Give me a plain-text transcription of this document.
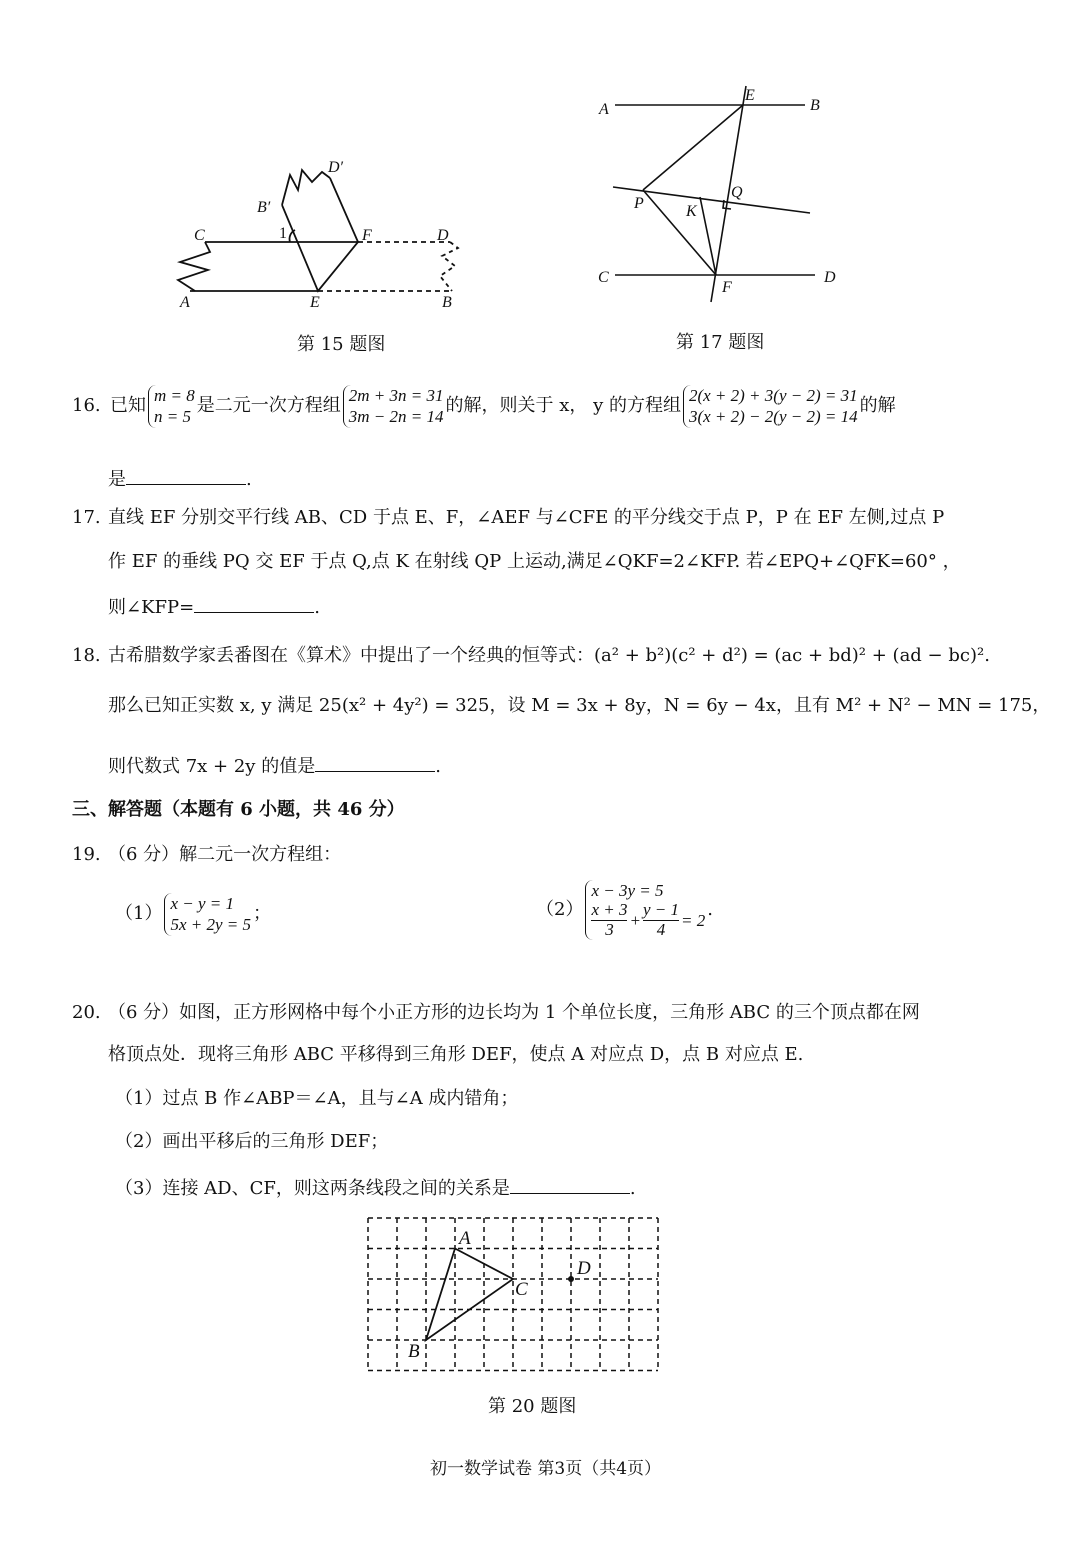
C	D
A	E	B
F
B′
D′
1
第 15 题图
A	B
E
C	D
F
P
Q
K
第 17 题图
16. 已知 m = 8
n = 5
是二元一次方程组 2m + 3n = 31
3m − 2n = 14
的解，则关于 x， y 的方程组 2(x + 2) + 3(y − 2) = 31
3(x + 2) − 2(y − 2) = 14
的解
是	.
17. 直线 EF 分别交平行线 AB、CD 于点 E、F，∠AEF 与∠CFE 的平分线交于点 P，P 在 EF 左侧,过点 P
作 EF 的垂线 PQ 交 EF 于点 Q,点 K 在射线 QP 上运动,满足∠QKF=2∠KFP. 若∠EPQ+∠QFK=60° ，
则∠KFP=	.
18. 古希腊数学家丢番图在《算术》中提出了一个经典的恒等式：(a² + b²)(c² + d²) = (ac + bd)² + (ad − bc)².
那么已知正实数 x, y 满足 25(x² + 4y²) = 325，设 M = 3x + 8y，N = 6y − 4x，且有 M² + N² − MN = 175，
则代数式 7x + 2y 的值是	.
三、解答题（本题有 6 小题，共 46 分）
19. （6 分）解二元一次方程组：
（1） x − y = 1
5x + 2y = 5
；	（2）
x − 3y = 5
$\frac{x + 3}{3} + \frac{y - 1}{4} = 2$
.
20. （6 分）如图，正方形网格中每个小正方形的边长均为 1 个单位长度，三角形 ABC 的三个顶点都在网
格顶点处．现将三角形 ABC 平移得到三角形 DEF，使点 A 对应点 D，点 B 对应点 E.
（1）过点 B 作∠ABP＝∠A，且与∠A 成内错角；
（2）画出平移后的三角形 DEF；
（3）连接 AD、CF，则这两条线段之间的关系是	.
A
B
C
D
第 20 题图
初一数学试卷 第3页（共4页）
